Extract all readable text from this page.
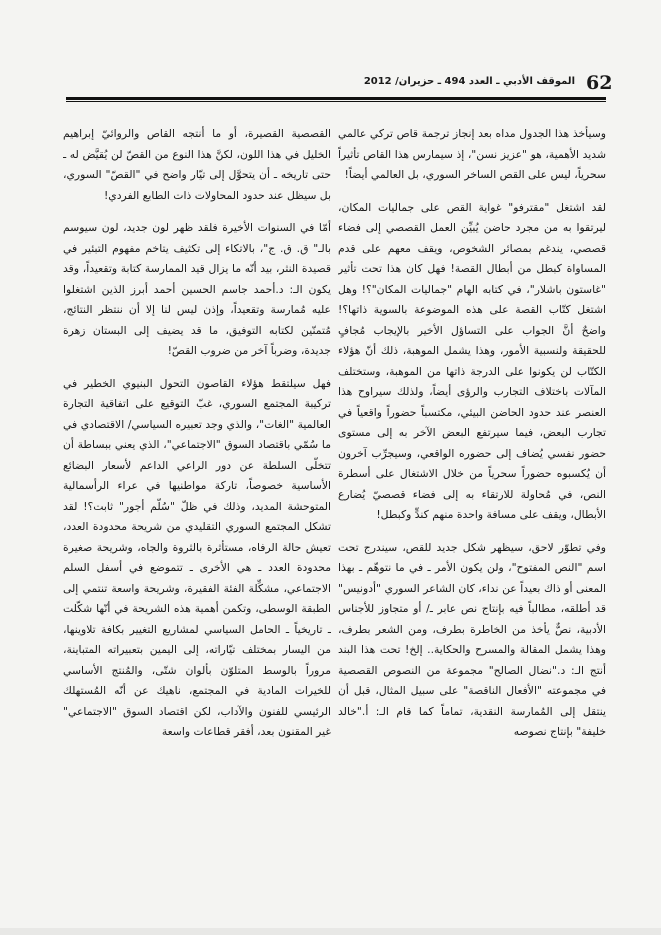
62
الموقف الأدبي ـ العدد 494 ـ حزيران/ 2012

وسيأخذ هذا الجدول مداه بعد إنجاز ترجمة قاص تركي عالمي شديد الأهمية، هو "عزيز نسن"، إذ سيمارس هذا القاص تأثيراً سحرياً، ليس على القص الساخر السوري، بل العالمي أيضاً!

لقد اشتغل "مقترفو" غواية القص على جماليات المكان، ليرتقوا به من مجرد حاضن يُبيِّن العمل القصصي إلى فضاء قصصي، يندغم بمصائر الشخوص، ويقف معهم على قدم المساواة كبطل من أبطال القصة! فهل كان هذا تحت تأثير "غاستون باشلار"، في كتابه الهام "جماليات المكان"؟! وهل اشتغل كتّاب القصة على هذه الموضوعة بالسوية ذاتها؟! واضحٌ أنَّ الجواب على التساؤل الأخير بالإيجاب مُجافٍ للحقيقة ولنسبية الأمور، وهذا يشمل الموهبة، ذلك أنّ هؤلاء الكتّاب لن يكونوا على الدرجة ذاتها من الموهبة، وستختلف المآلات باختلاف التجارب والرؤى أيضاً، ولذلك سيراوح هذا العنصر عند حدود الحاضن البيئي، مكتسباً حضوراً واقعياً في تجارب البعض، فيما سيرتفع البعض الآخر به إلى مستوى حضور نفسي يُضاف إلى حضوره الواقعي، وسيجرِّب آخرون أن يُكسبوه حضوراً سحرياً من خلال الاشتغال على أسطرة النص، في مُحاولة للارتقاء به إلى فضاء قصصيّ يُضارع الأبطال، ويقف على مسافة واحدة منهم كندٍّ وكبطل!

وفي تطوّر لاحق، سيظهر شكل جديد للقص، سيندرج تحت اسم "النص المفتوح"، ولن يكون الأمر ـ في ما نتوهّم ـ بهذا المعنى أو ذاك بعيداً عن نداء، كان الشاعر السوري "أدونيس" قد أطلقه، مطالباً فيه بإنتاج نص عابر ـ/ أو متجاوز للأجناس الأدبية، نصٌّ يأخذ من الخاطرة بطرف، ومن الشعر بطرف، وهذا يشمل المقالة والمسرح والحكاية.. إلخ! تحت هذا البند أنتج الـ: د."نضال الصالح" مجموعة من النصوص القصصية في مجموعته "الأفعال الناقصة" على سبيل المثال، قبل أن ينتقل إلى المُمارسة النقدية، تماماً كما قام الـ: أ."خالد خليفة" بإنتاج نصوصه

القصصية القصيرة، أو ما أنتجه القاص والروائيّ إبراهيم الخليل في هذا اللون، لكنَّ هذا النوع من القصّ لن يُقيَّض له ـ حتى تاريخه ـ أن يتحوَّل إلى تيّار واضح في "القصّ" السوري، بل سيظل عند حدود المحاولات ذات الطابع الفردي!

أمّا في السنوات الأخيرة فلقد ظهر لون جديد، لون سيوسم بالـ" ق. ق. ج"، بالاتكاء إلى تكثيف يتاخم مفهوم التبئير في قصيدة النثر، بيد أنّه ما يزال قيد الممارسة كتابة وتقعيداً، وقد يكون الـ: د.أحمد جاسم الحسين أحمد أبرز الذين اشتغلوا عليه مُمارسة وتقعيداً، وإذن ليس لنا إلا أن ننتظر النتائج، مُتمنّين لكتابه التوفيق، ما قد يضيف إلى البستان زهرة جديدة، وضرباً آخر من ضروب القصّ!

فهل سيلتقط هؤلاء القاصون التحول البنيوي الخطير في تركيبة المجتمع السوري، غبّ التوقيع على اتفاقية التجارة العالمية "الغات"، والذي وجد تعبيره السياسي/ الاقتصادي في ما سُمّي باقتصاد السوق "الاجتماعي"، الذي يعني ببساطة أن تتخلّى السلطة عن دور الراعي الداعم لأسعار البضائع الأساسية خصوصاً، تاركة مواطنيها في عراء الرأسمالية المتوحشة المديد، وذلك في ظلّ "سُلّم أجور" ثابت؟! لقد تشكل المجتمع السوري التقليدي من شريحة محدودة العدد، تعيش حالة الرفاه، مستأثرة بالثروة والجاه، وشريحة صغيرة محدودة العدد ـ هي الأخرى ـ تتموضع في أسفل السلم الاجتماعي، مشكِّلة الفئة الفقيرة، وشريحة واسعة تنتمي إلى الطبقة الوسطى، وتكمن أهمية هذه الشريحة في أنّها شكّلت ـ تاريخياً ـ الحامل السياسي لمشاريع التغيير بكافة تلاوينها، من اليسار بمختلف تيّاراته، إلى اليمين بتعبيراته المتباينة، مروراً بالوسط المتلوّن بألوان شتّى، والمُنتج الأساسي للخيرات المادية في المجتمع، ناهيك عن أنّه المُستهلك الرئيسي للفنون والآداب، لكن اقتصاد السوق "الاجتماعي" غير المقنون بعد، أفقر قطاعات واسعة
